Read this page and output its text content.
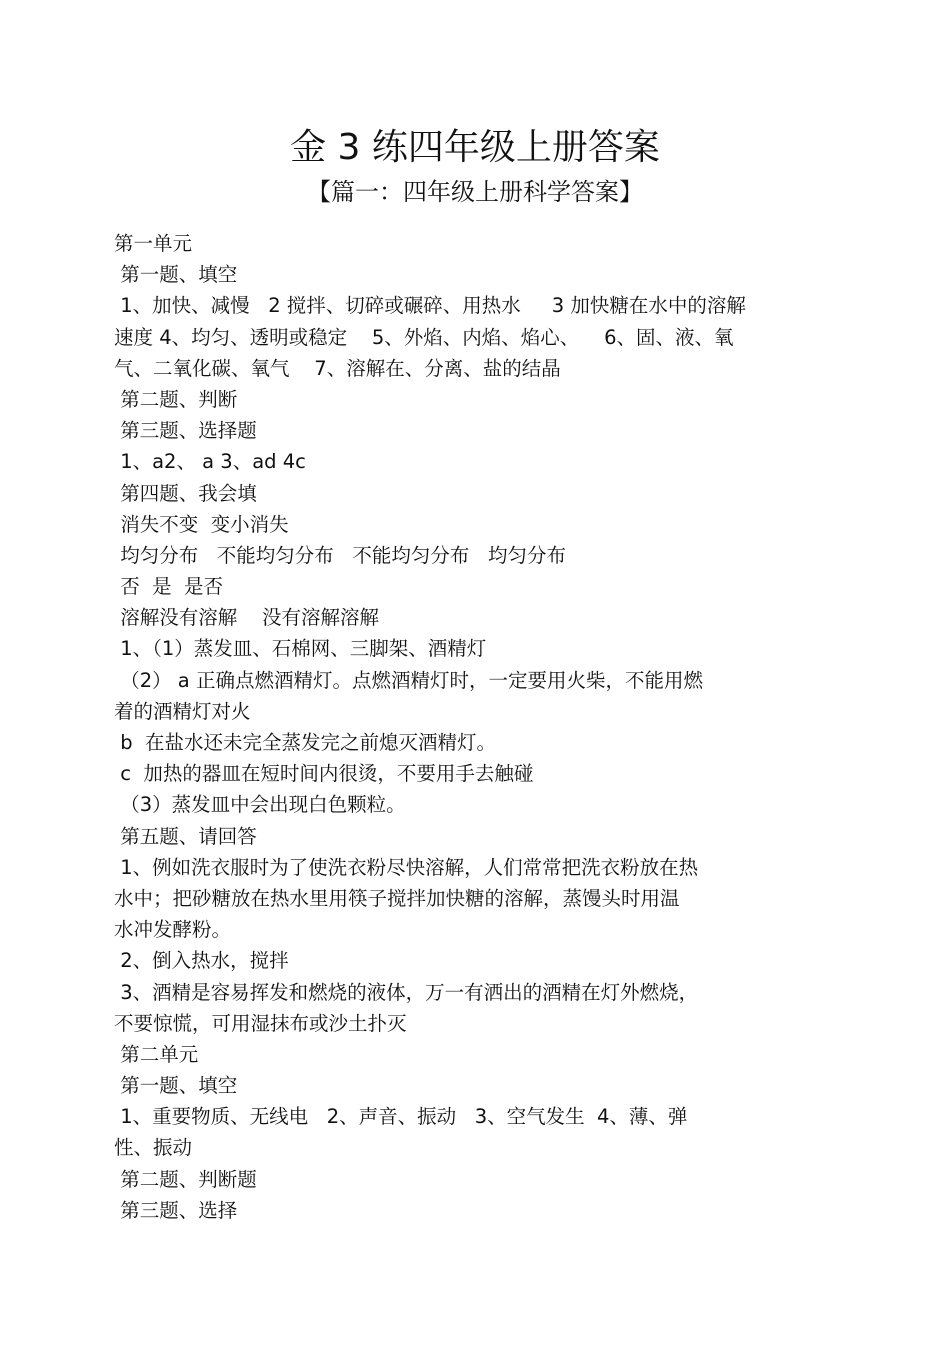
金 3 练四年级上册答案
【篇一：四年级上册科学答案】

第一单元

第一题、填空

1、加快、减慢   2 搅拌、切碎或碾碎、用热水     3 加快糖在水中的溶解

速度 4、均匀、透明或稳定    5、外焰、内焰、焰心、    6、固、液、氧

气、二氧化碳、氧气    7、溶解在、分离、盐的结晶

第二题、判断

第三题、选择题

1、a2、 a 3、ad 4c

第四题、我会填

消失不变  变小消失

均匀分布   不能均匀分布   不能均匀分布   均匀分布

否  是  是否

溶解没有溶解    没有溶解溶解

1、（1）蒸发皿、石棉网、三脚架、酒精灯

（2） a 正确点燃酒精灯。点燃酒精灯时，一定要用火柴，不能用燃

着的酒精灯对火

b  在盐水还未完全蒸发完之前熄灭酒精灯。

c  加热的器皿在短时间内很烫，不要用手去触碰

（3）蒸发皿中会出现白色颗粒。

第五题、请回答

1、例如洗衣服时为了使洗衣粉尽快溶解，人们常常把洗衣粉放在热

水中；把砂糖放在热水里用筷子搅拌加快糖的溶解，蒸馒头时用温

水冲发酵粉。

2、倒入热水，搅拌

3、酒精是容易挥发和燃烧的液体，万一有洒出的酒精在灯外燃烧，

不要惊慌，可用湿抹布或沙土扑灭

第二单元

第一题、填空

1、重要物质、无线电   2、声音、振动   3、空气发生  4、薄、弹

性、振动

第二题、判断题

第三题、选择
